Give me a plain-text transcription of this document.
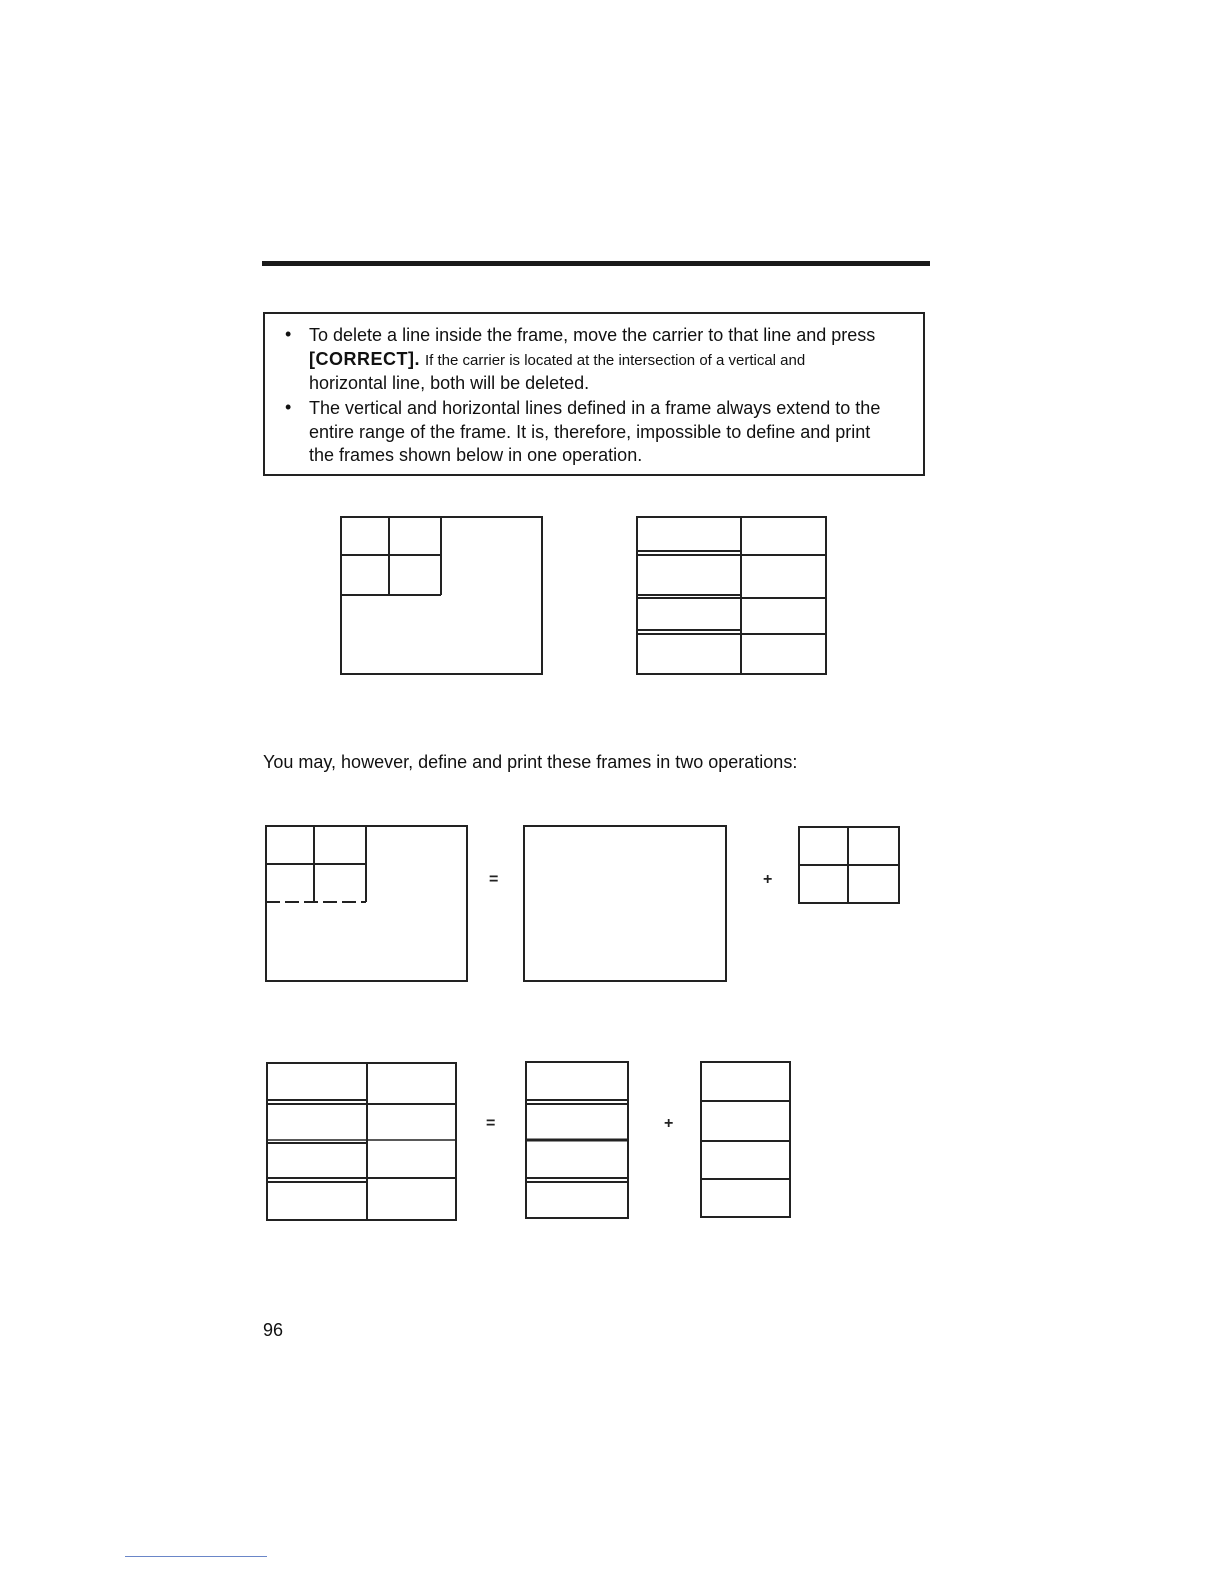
• To delete a line inside the frame, move the carrier to that line and press
[CORRECT]. If the carrier is located at the intersection of a vertical and
horizontal line, both will be deleted.
• The vertical and horizontal lines defined in a frame always extend to the
entire range of the frame. It is, therefore, impossible to define and print
the frames shown below in one operation.
=	+
=	+
You may, however, define and print these frames in two operations:
96
